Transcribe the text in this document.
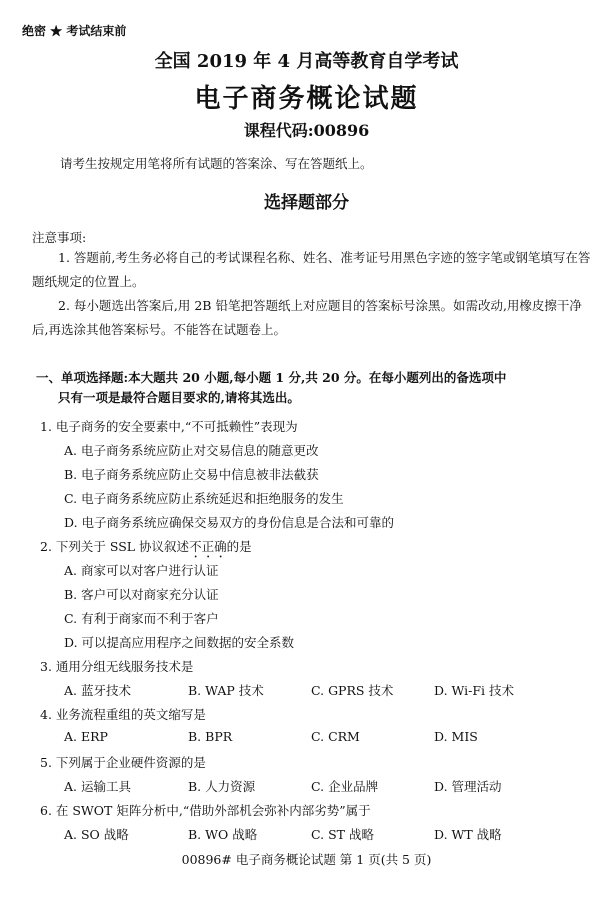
绝密 ★ 考试结束前
全国 2019 年 4 月高等教育自学考试
电子商务概论试题
课程代码:00896
请考生按规定用笔将所有试题的答案涂、写在答题纸上。
选择题部分
注意事项:
1. 答题前,考生务必将自己的考试课程名称、姓名、准考证号用黑色字迹的签字笔或钢笔填写在答题纸规定的位置上。
2. 每小题选出答案后,用 2B 铅笔把答题纸上对应题目的答案标号涂黑。如需改动,用橡皮擦干净后,再选涂其他答案标号。不能答在试题卷上。
一、单项选择题:本大题共 20 小题,每小题 1 分,共 20 分。在每小题列出的备选项中
只有一项是最符合题目要求的,请将其选出。
1. 电子商务的安全要素中,“不可抵赖性”表现为
A. 电子商务系统应防止对交易信息的随意更改
B. 电子商务系统应防止交易中信息被非法截获
C. 电子商务系统应防止系统延迟和拒绝服务的发生
D. 电子商务系统应确保交易双方的身份信息是合法和可靠的
2. 下列关于 SSL 协议叙述不正确的是
A. 商家可以对客户进行认证
B. 客户可以对商家充分认证
C. 有利于商家而不利于客户
D. 可以提高应用程序之间数据的安全系数
3. 通用分组无线服务技术是
A. 蓝牙技术	B. WAP 技术	C. GPRS 技术	D. Wi-Fi 技术
4. 业务流程重组的英文缩写是
A. ERP	B. BPR	C. CRM	D. MIS
5. 下列属于企业硬件资源的是
A. 运输工具	B. 人力资源	C. 企业品牌	D. 管理活动
6. 在 SWOT 矩阵分析中,“借助外部机会弥补内部劣势”属于
A. SO 战略	B. WO 战略	C. ST 战略	D. WT 战略
00896# 电子商务概论试题 第 1 页(共 5 页)
